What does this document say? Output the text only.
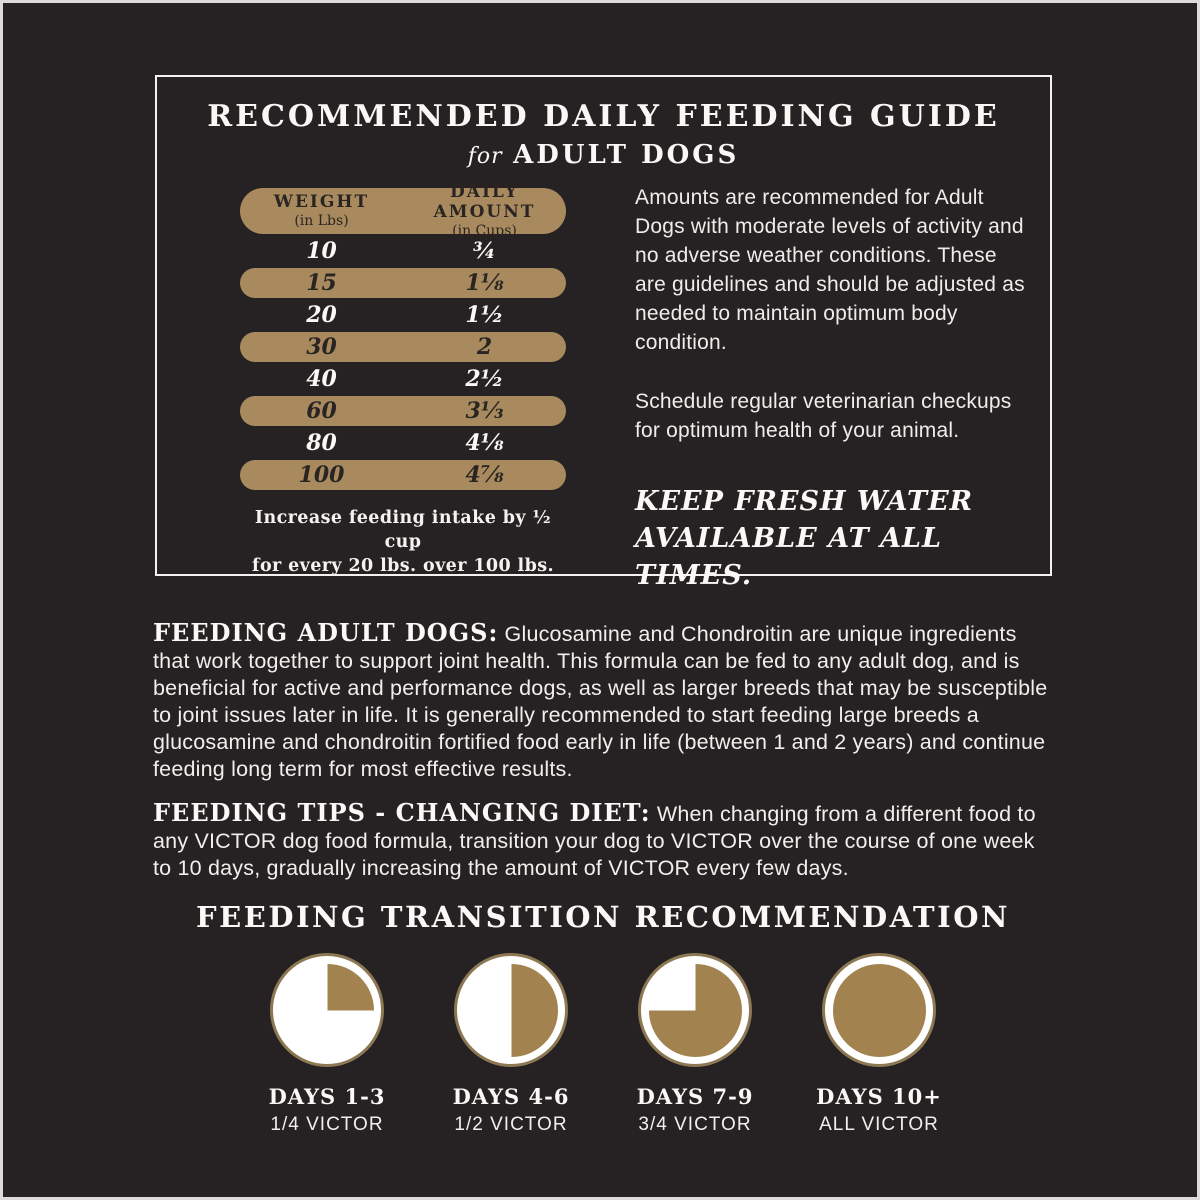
RECOMMENDED DAILY FEEDING GUIDE
for ADULT DOGS
WEIGHT
(in Lbs)
DAILY AMOUNT
(in Cups)
10	¾
15	1⅛
20	1½
30	2
40	2½
60	3⅓
80	4⅛
100	4⅞
Increase feeding intake by ½ cup
for every 20 lbs. over 100 lbs.

Amounts are recommended for Adult Dogs with moderate levels of activity and no adverse weather conditions. These are guidelines and should be adjusted as needed to maintain optimum body condition.

Schedule regular veterinarian checkups for optimum health of your animal.

KEEP FRESH WATER AVAILABLE AT ALL TIMES.
FEEDING ADULT DOGS: Glucosamine and Chondroitin are unique ingredients that work together to support joint health. This formula can be fed to any adult dog, and is beneficial for active and performance dogs, as well as larger breeds that may be susceptible to joint issues later in life. It is generally recommended to start feeding large breeds a glucosamine and chondroitin fortified food early in life (between 1 and 2 years) and continue feeding long term for most effective results.
FEEDING TIPS - CHANGING DIET: When changing from a different food to any VICTOR dog food formula, transition your dog to VICTOR over the course of one week to 10 days, gradually increasing the amount of VICTOR every few days.
FEEDING TRANSITION RECOMMENDATION
DAYS 1-3
1/4 VICTOR
DAYS 4-6
1/2 VICTOR
DAYS 7-9
3/4 VICTOR
DAYS 10+
ALL VICTOR
